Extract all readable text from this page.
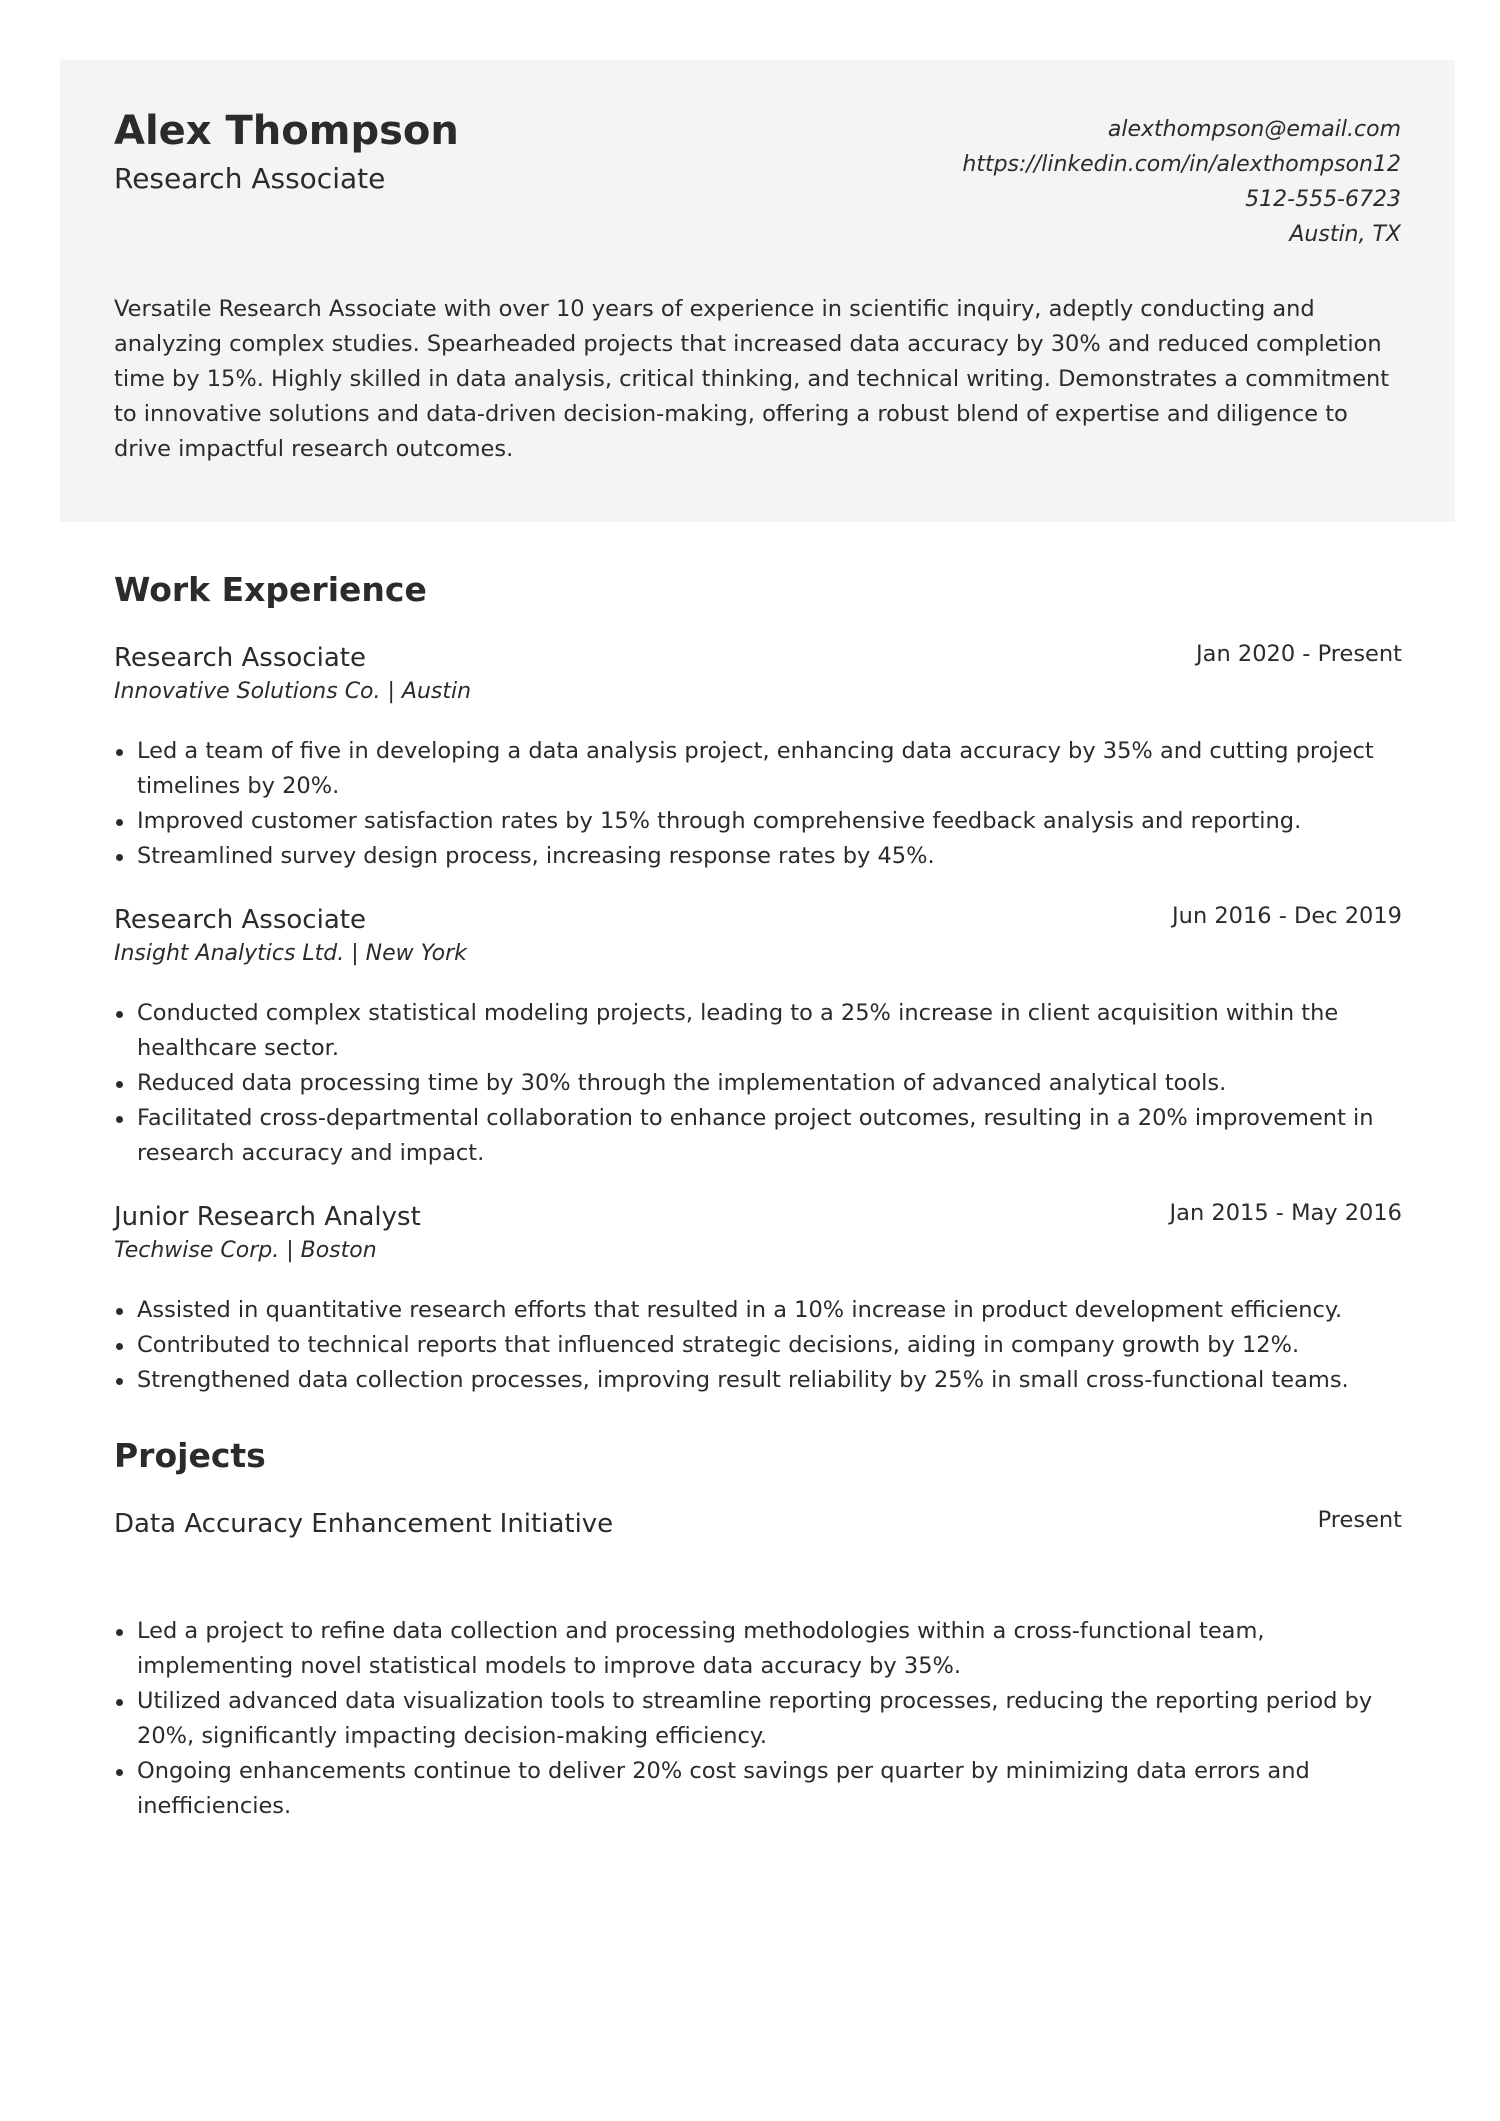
Alex Thompson
Research Associate
alexthompson@email.com
https://linkedin.com/in/alexthompson12
512-555-6723
Austin, TX

Versatile Research Associate with over 10 years of experience in scientific inquiry, adeptly conducting and analyzing complex studies. Spearheaded projects that increased data accuracy by 30% and reduced completion time by 15%. Highly skilled in data analysis, critical thinking, and technical writing. Demonstrates a commitment to innovative solutions and data-driven decision-making, offering a robust blend of expertise and diligence to drive impactful research outcomes.

Work Experience
Research Associate	Jan 2020 - Present
Innovative Solutions Co. | Austin
Led a team of five in developing a data analysis project, enhancing data accuracy by 35% and cutting project timelines by 20%.
Improved customer satisfaction rates by 15% through comprehensive feedback analysis and reporting.
Streamlined survey design process, increasing response rates by 45%.
Research Associate	Jun 2016 - Dec 2019
Insight Analytics Ltd. | New York
Conducted complex statistical modeling projects, leading to a 25% increase in client acquisition within the healthcare sector.
Reduced data processing time by 30% through the implementation of advanced analytical tools.
Facilitated cross-departmental collaboration to enhance project outcomes, resulting in a 20% improvement in research accuracy and impact.
Junior Research Analyst	Jan 2015 - May 2016
Techwise Corp. | Boston
Assisted in quantitative research efforts that resulted in a 10% increase in product development efficiency.
Contributed to technical reports that influenced strategic decisions, aiding in company growth by 12%.
Strengthened data collection processes, improving result reliability by 25% in small cross-functional teams.
Projects
Data Accuracy Enhancement Initiative	Present
Led a project to refine data collection and processing methodologies within a cross-functional team, implementing novel statistical models to improve data accuracy by 35%.
Utilized advanced data visualization tools to streamline reporting processes, reducing the reporting period by 20%, significantly impacting decision-making efficiency.
Ongoing enhancements continue to deliver 20% cost savings per quarter by minimizing data errors and inefficiencies.
